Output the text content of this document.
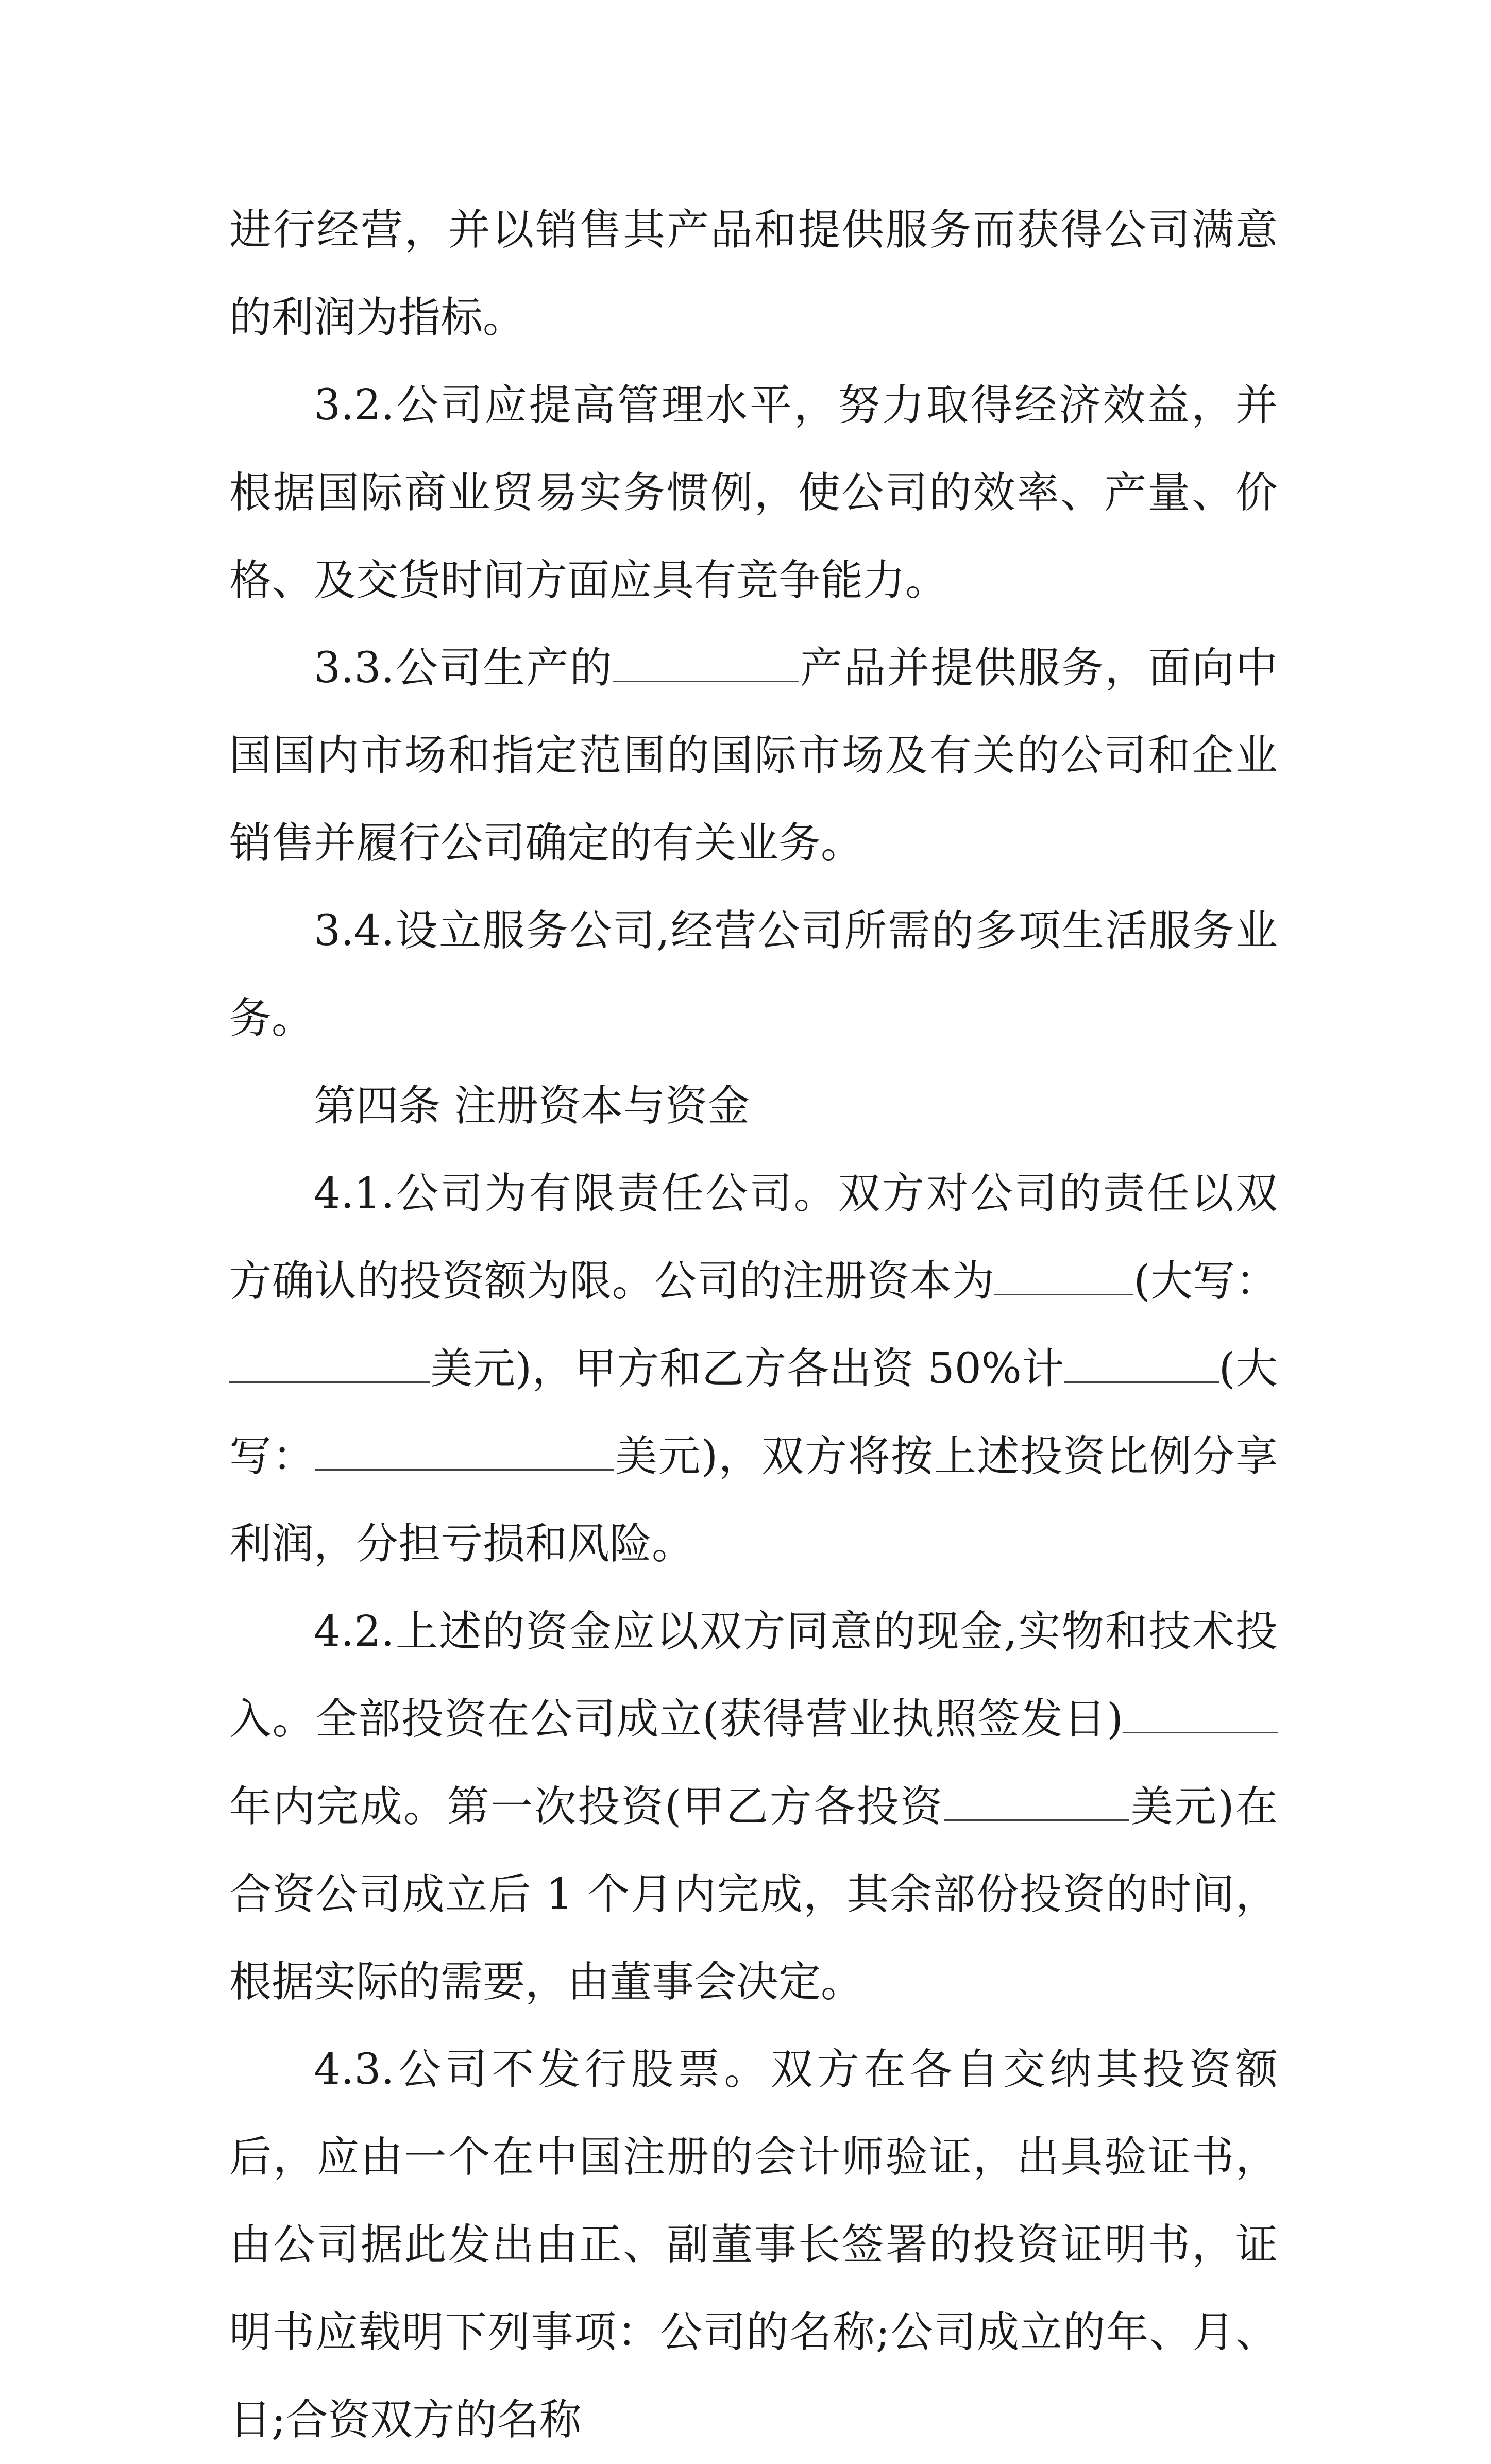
进行经营，并以销售其产品和提供服务而获得公司满意的利润为指标。

3.2.公司应提高管理水平，努力取得经济效益，并根据国际商业贸易实务惯例，使公司的效率、产量、价格、及交货时间方面应具有竞争能力。

3.3.公司生产的	产品并提供服务，面向中国国内市场和指定范围的国际市场及有关的公司和企业销售并履行公司确定的有关业务。

3.4.设立服务公司,经营公司所需的多项生活服务业务。

第四条 注册资本与资金

4.1.公司为有限责任公司。双方对公司的责任以双方确认的投资额为限。公司的注册资本为	(大写：美元)，甲方和乙方各出资 50%计	(大写：	美元)，双方将按上述投资比例分享利润，分担亏损和风险。

4.2.上述的资金应以双方同意的现金,实物和技术投入。全部投资在公司成立(获得营业执照签发日)年内完成。第一次投资(甲乙方各投资	美元)在合资公司成立后 1 个月内完成，其余部份投资的时间，根据实际的需要，由董事会决定。

4.3.公司不发行股票。双方在各自交纳其投资额后，应由一个在中国注册的会计师验证，出具验证书，由公司据此发出由正、副董事长签署的投资证明书，证明书应载明下列事项：公司的名称;公司成立的年、月、日;合资双方的名称
